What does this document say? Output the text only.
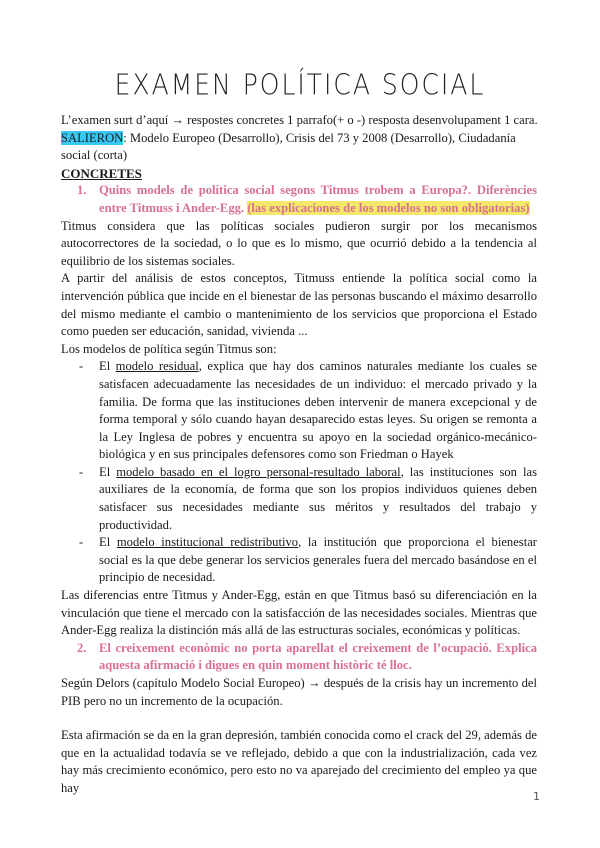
EXAMEN POLÍTICA SOCIAL

L’examen surt d’aquí → respostes concretes 1 parrafo(+ o -) resposta desenvolupament 1 cara.

SALIERON: Modelo Europeo (Desarrollo), Crisis del 73 y 2008 (Desarrollo), Ciudadanía social (corta)

CONCRETES

1. Quins models de política social segons Titmus trobem a Europa?. Diferències entre Titmuss i Ander-Egg. (las explicaciones de los modelos no son obligatorias)

Titmus considera que las políticas sociales pudieron surgir por los mecanismos autocorrectores de la sociedad, o lo que es lo mismo, que ocurrió debido a la tendencia al equilibrio de los sistemas sociales.

A partir del análisis de estos conceptos, Titmuss entiende la política social como la intervención pública que incide en el bienestar de las personas buscando el máximo desarrollo del mismo mediante el cambio o mantenimiento de los servicios que proporciona el Estado como pueden ser educación, sanidad, vivienda ...

Los modelos de política según Titmus son:

- El modelo residual, explica que hay dos caminos naturales mediante los cuales se satisfacen adecuadamente las necesidades de un individuo: el mercado privado y la familia. De forma que las instituciones deben intervenir de manera excepcional y de forma temporal y sólo cuando hayan desaparecido estas leyes. Su origen se remonta a la Ley Inglesa de pobres y encuentra su apoyo en la sociedad orgánico-mecánico-biológica y en sus principales defensores como son Friedman o Hayek
- El modelo basado en el logro personal-resultado laboral, las instituciones son las auxiliares de la economía, de forma que son los propios individuos quienes deben satisfacer sus necesidades mediante sus méritos y resultados del trabajo y productividad.
- El modelo institucional redistributivo, la institución que proporciona el bienestar social es la que debe generar los servicios generales fuera del mercado basándose en el principio de necesidad.

Las diferencias entre Titmus y Ander-Egg, están en que Titmus basó su diferenciación en la vinculación que tiene el mercado con la satisfacción de las necesidades sociales. Mientras que Ander-Egg realiza la distinción más allá de las estructuras sociales, económicas y políticas.

2. El creixement econòmic no porta aparellat el creixement de l’ocupació. Explica aquesta afirmació i digues en quin moment històric té lloc.

Según Delors (capítulo Modelo Social Europeo) → después de la crisis hay un incremento del PIB pero no un incremento de la ocupación.

Esta afirmación se da en la gran depresión, también conocida como el crack del 29, además de que en la actualidad todavía se ve reflejado, debido a que con la industrialización, cada vez hay más crecimiento económico, pero esto no va aparejado del crecimiento del empleo ya que hay

1
